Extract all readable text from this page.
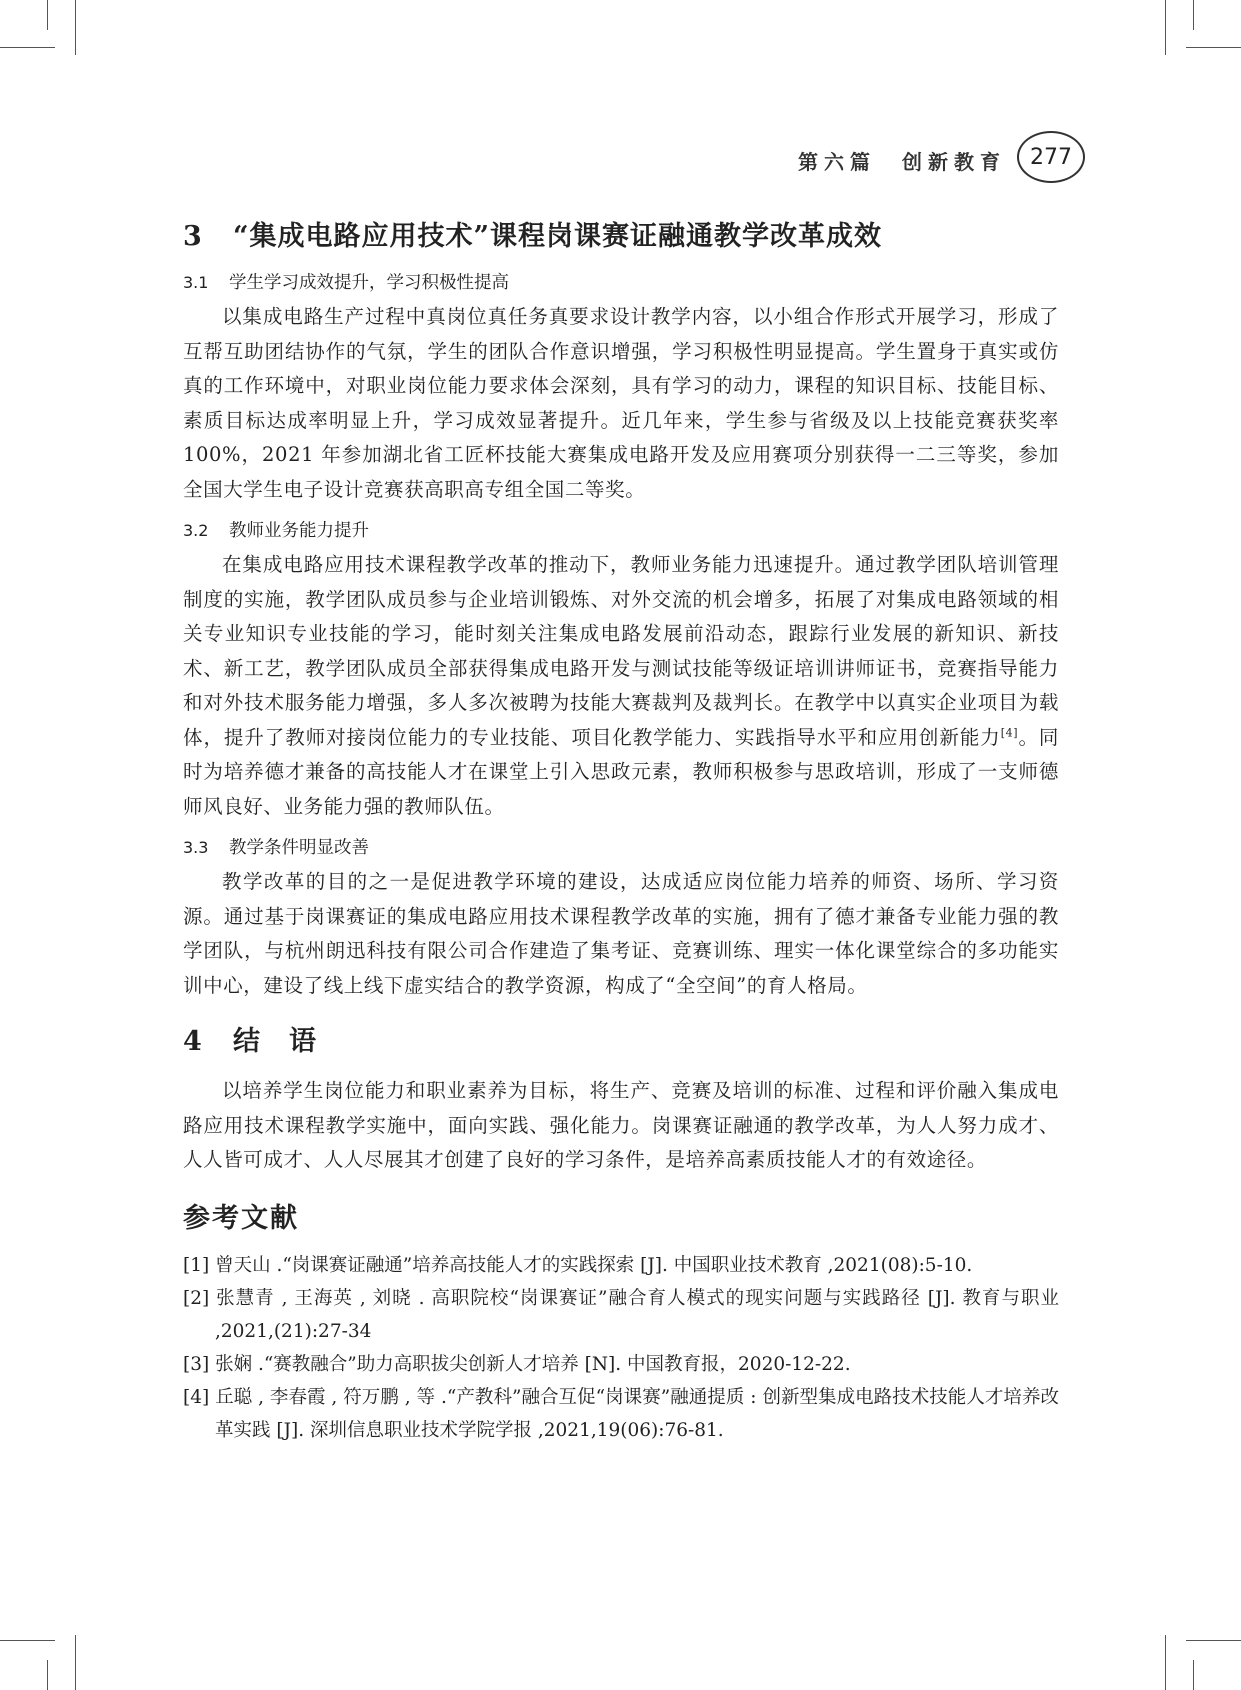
第六篇　创新教育	277
3 “集成电路应用技术”课程岗课赛证融通教学改革成效
3.1 学生学习成效提升，学习积极性提高

以集成电路生产过程中真岗位真任务真要求设计教学内容，以小组合作形式开展学习，形成了互帮互助团结协作的气氛，学生的团队合作意识增强，学习积极性明显提高。学生置身于真实或仿真的工作环境中，对职业岗位能力要求体会深刻，具有学习的动力，课程的知识目标、技能目标、素质目标达成率明显上升，学习成效显著提升。近几年来，学生参与省级及以上技能竞赛获奖率 100%，2021 年参加湖北省工匠杯技能大赛集成电路开发及应用赛项分别获得一二三等奖，参加全国大学生电子设计竞赛获高职高专组全国二等奖。

3.2 教师业务能力提升

在集成电路应用技术课程教学改革的推动下，教师业务能力迅速提升。通过教学团队培训管理制度的实施，教学团队成员参与企业培训锻炼、对外交流的机会增多，拓展了对集成电路领域的相关专业知识专业技能的学习，能时刻关注集成电路发展前沿动态，跟踪行业发展的新知识、新技术、新工艺，教学团队成员全部获得集成电路开发与测试技能等级证培训讲师证书，竞赛指导能力和对外技术服务能力增强，多人多次被聘为技能大赛裁判及裁判长。在教学中以真实企业项目为载体，提升了教师对接岗位能力的专业技能、项目化教学能力、实践指导水平和应用创新能力[4]。同时为培养德才兼备的高技能人才在课堂上引入思政元素，教师积极参与思政培训，形成了一支师德师风良好、业务能力强的教师队伍。

3.3 教学条件明显改善

教学改革的目的之一是促进教学环境的建设，达成适应岗位能力培养的师资、场所、学习资源。通过基于岗课赛证的集成电路应用技术课程教学改革的实施，拥有了德才兼备专业能力强的教学团队，与杭州朗迅科技有限公司合作建造了集考证、竞赛训练、理实一体化课堂综合的多功能实训中心，建设了线上线下虚实结合的教学资源，构成了“全空间”的育人格局。

4 结　语

以培养学生岗位能力和职业素养为目标，将生产、竞赛及培训的标准、过程和评价融入集成电路应用技术课程教学实施中，面向实践、强化能力。岗课赛证融通的教学改革，为人人努力成才、人人皆可成才、人人尽展其才创建了良好的学习条件，是培养高素质技能人才的有效途径。

参考文献

[1] 曾天山 .“岗课赛证融通”培养高技能人才的实践探索 [J]. 中国职业技术教育 ,2021(08):5-10.

[2] 张慧青 , 王海英 , 刘晓 . 高职院校“岗课赛证”融合育人模式的现实问题与实践路径 [J]. 教育与职业 ,2021,(21):27-34

[3] 张娴 .“赛教融合”助力高职拔尖创新人才培养 [N]. 中国教育报，2020-12-22.

[4] 丘聪 , 李春霞 , 符万鹏 , 等 .“产教科”融合互促“岗课赛”融通提质 : 创新型集成电路技术技能人才培养改革实践 [J]. 深圳信息职业技术学院学报 ,2021,19(06):76-81.
